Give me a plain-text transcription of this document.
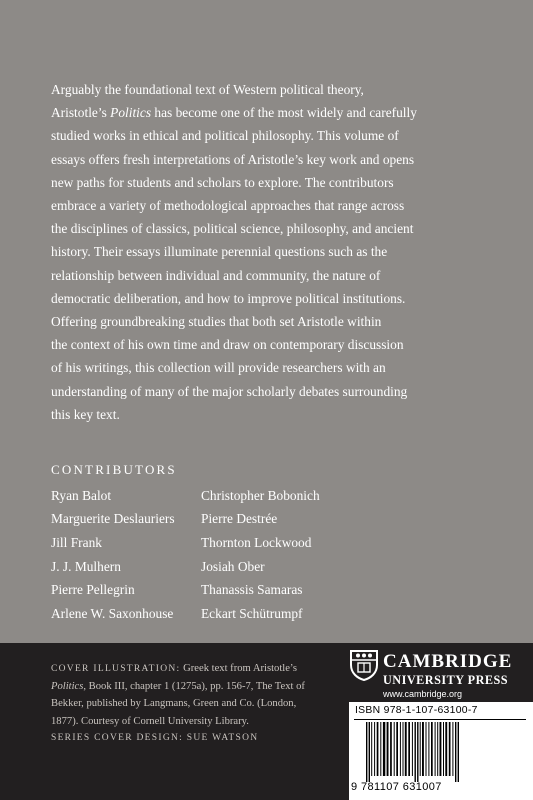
Arguably the foundational text of Western political theory,

Aristotle’s Politics has become one of the most widely and carefully

studied works in ethical and political philosophy. This volume of

essays offers fresh interpretations of Aristotle’s key work and opens

new paths for students and scholars to explore. The contributors

embrace a variety of methodological approaches that range across

the disciplines of classics, political science, philosophy, and ancient

history. Their essays illuminate perennial questions such as the

relationship between individual and community, the nature of

democratic deliberation, and how to improve political institutions.

Offering groundbreaking studies that both set Aristotle within

the context of his own time and draw on contemporary discussion

of his writings, this collection will provide researchers with an

understanding of many of the major scholarly debates surrounding

this key text.

CONTRIBUTORS
Ryan Balot	Christopher Bobonich
Marguerite Deslauriers	Pierre Destrée
Jill Frank	Thornton Lockwood
J. J. Mulhern	Josiah Ober
Pierre Pellegrin	Thanassis Samaras
Arlene W. Saxonhouse	Eckart Schütrumpf

COVER ILLUSTRATION: Greek text from Aristotle’s

Politics, Book III, chapter 1 (1275a), pp. 156-7, The Text of

Bekker, published by Langmans, Green and Co. (London,

1877). Courtesy of Cornell University Library.

SERIES COVER DESIGN: SUE WATSON
CAMBRIDGE
UNIVERSITY PRESS
www.cambridge.org
ISBN 978-1-107-63100-7
9 781107 631007
